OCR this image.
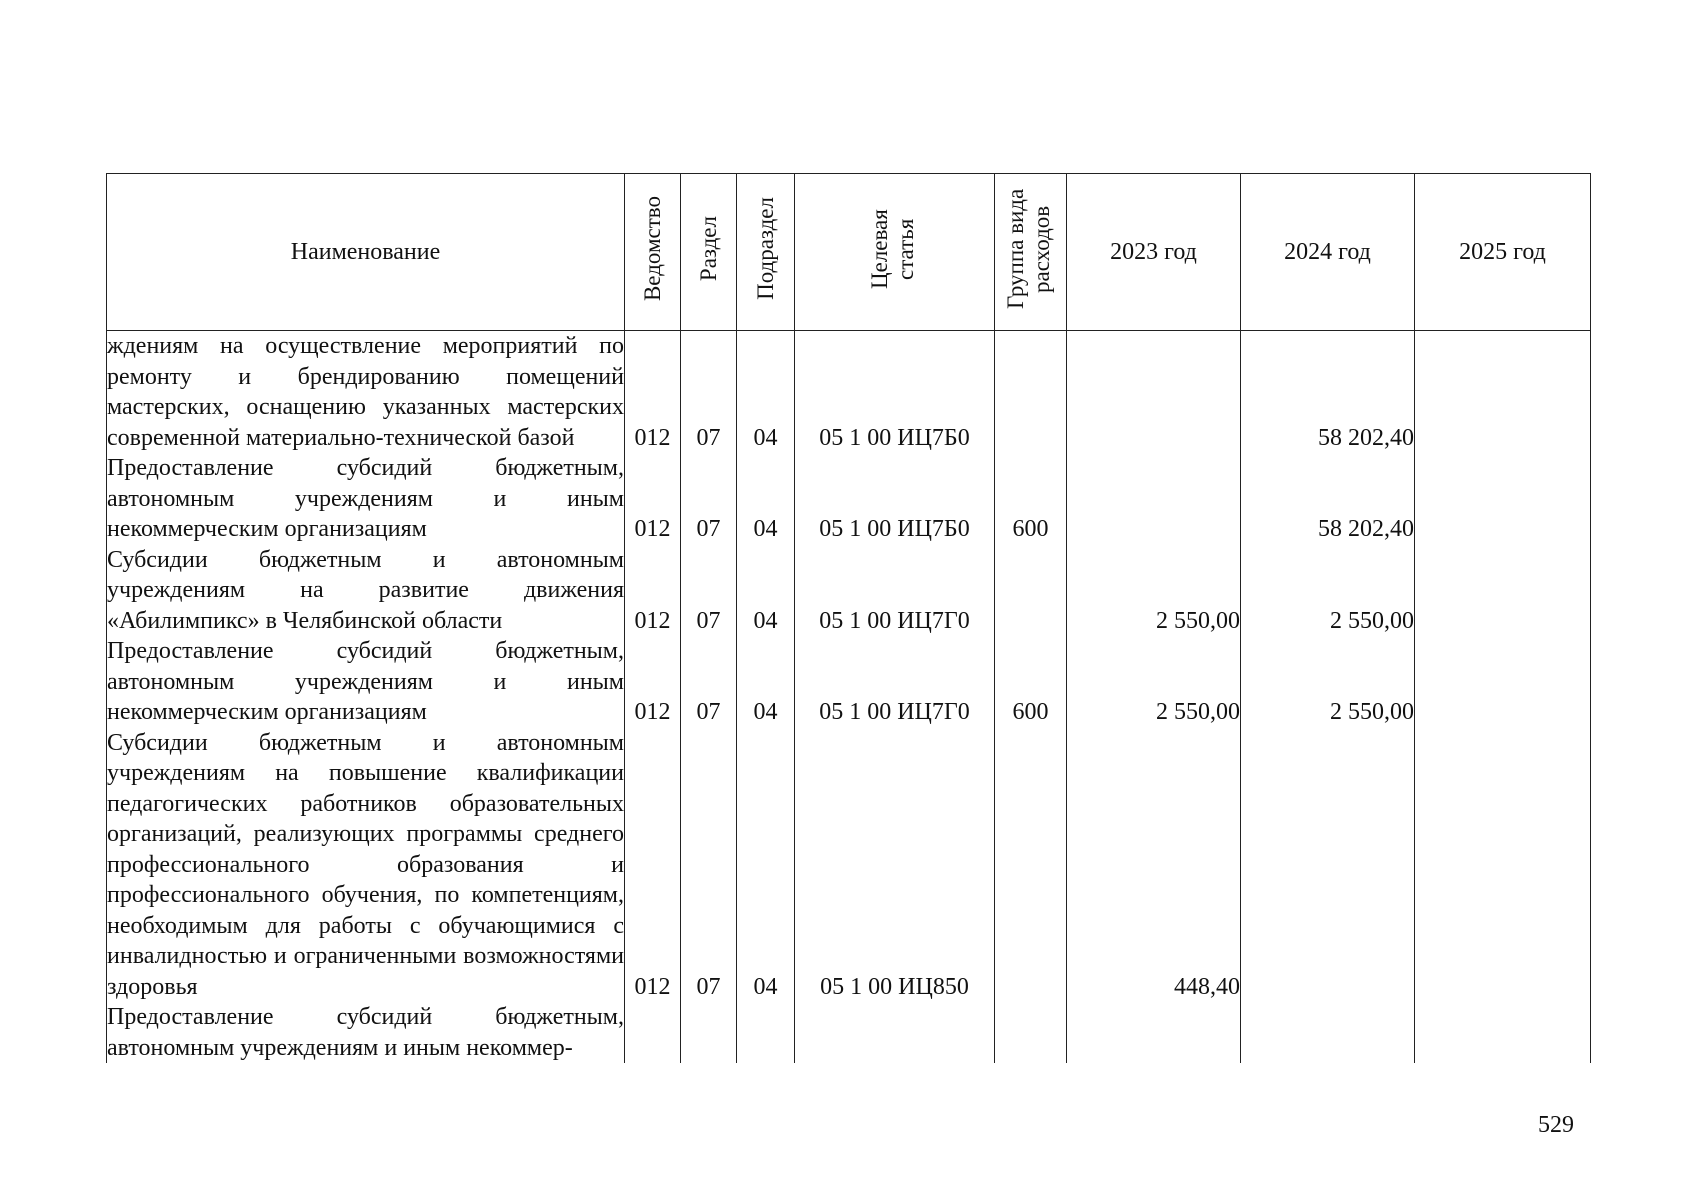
Наименование	Ведомство	Раздел	Подраздел	Целевая статья	Группа вида расходов	2023 год	2024 год	2025 год
ждениям на осуществление мероприятий по ремонту и брендированию помещений мастерских, оснащению указанных мастерских современной материально-технической базой	012	07	04	05 1 00 ИЦ7Б0			58 202,40	
Предоставление субсидий бюджетным, автономным учреждениям и иным некоммерческим организациям	012	07	04	05 1 00 ИЦ7Б0	600		58 202,40	
Субсидии бюджетным и автономным учреждениям на развитие движения «Абилимпикс» в Челябинской области	012	07	04	05 1 00 ИЦ7Г0		2 550,00	2 550,00	
Предоставление субсидий бюджетным, автономным учреждениям и иным некоммерческим организациям	012	07	04	05 1 00 ИЦ7Г0	600	2 550,00	2 550,00	
Субсидии бюджетным и автономным учреждениям на повышение квалификации педагогических работников образовательных организаций, реализующих программы среднего профессионального образования и профессионального обучения, по компетенциям, необходимым для работы с обучающимися с инвалидностью и ограниченными возможностями здоровья	012	07	04	05 1 00 ИЦ850		448,40		
Предоставление субсидий бюджетным, автономным учреждениям и иным некоммер-								
529
